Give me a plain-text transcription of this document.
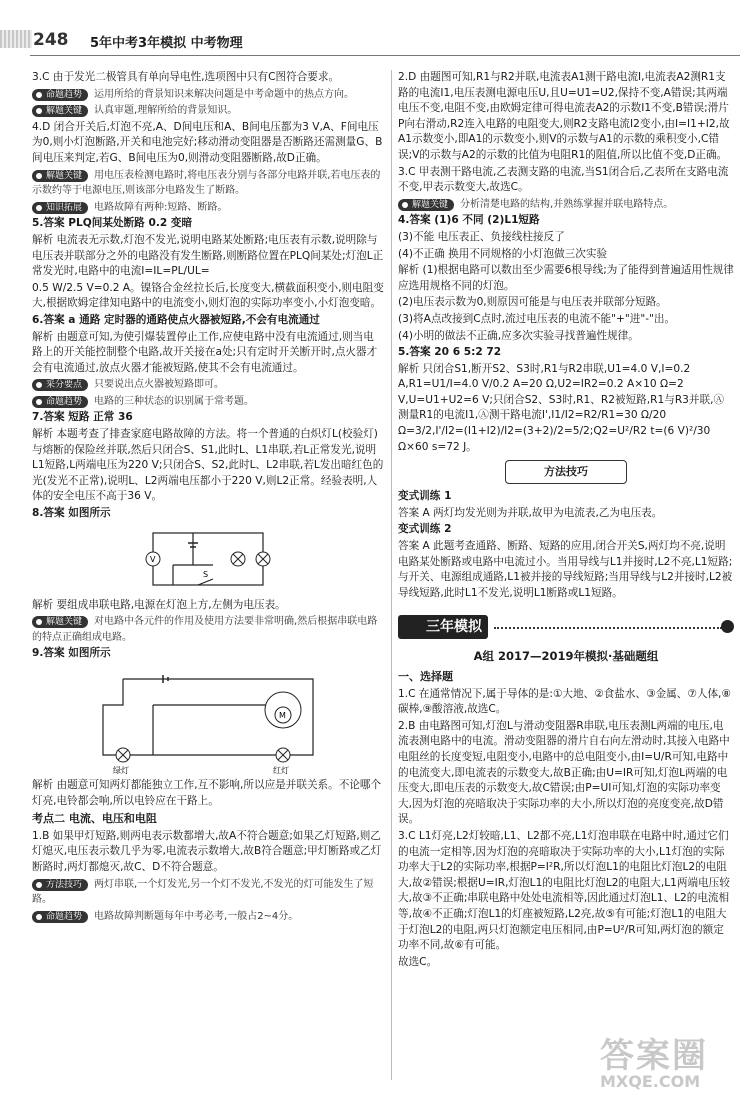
248 5年中考3年模拟 中考物理

3.C 由于发光二极管具有单向导电性,选项图中只有C图符合要求。

命题趋势 运用所给的背景知识来解决问题是中考命题中的热点方向。

解题关键 认真审题,理解所给的背景知识。

4.D 闭合开关后,灯泡不亮,A、D间电压和A、B间电压都为3 V,A、F间电压为0,则小灯泡断路,开关和电池完好;移动滑动变阻器是否断路还需测量G、B间电压来判定,若G、B间电压为0,则滑动变阻器断路,故D正确。

解题关键 用电压表检测电路时,将电压表分别与各部分电路并联,若电压表的示数约等于电源电压,则该部分电路发生了断路。

知识拓展 电路故障有两种:短路、断路。

5.答案 PLQ间某处断路 0.2 变暗

解析 电流表无示数,灯泡不发光,说明电路某处断路;电压表有示数,说明除与电压表并联部分之外的电路没有发生断路,则断路位置在PLQ间某处;灯泡L正常发光时,电路中的电流I=IL=PL/UL=

0.5 W/2.5 V=0.2 A。镍铬合金丝拉长后,长度变大,横截面积变小,则电阻变大,根据欧姆定律知电路中的电流变小,则灯泡的实际功率变小,小灯泡变暗。

6.答案 a 通路 定时器的通路使点火器被短路,不会有电流通过

解析 由题意可知,为使引爆装置停止工作,应使电路中没有电流通过,则当电路上的开关能控制整个电路,故开关接在a处;只有定时开关断开时,点火器才会有电流通过,放点火器才能被短路,使其不会有电流通过。

采分要点 只要说出点火器被短路即可。

命题趋势 电路的三种状态的识别属于常考题。

7.答案 短路 正常 36

解析 本题考查了排查家庭电路故障的方法。将一个普通的白炽灯L(校验灯)与熔断的保险丝并联,然后只闭合S、S1,此时L、L1串联,若L正常发光,说明L1短路,L两端电压为220 V;只闭合S、S2,此时L、L2串联,若L发出暗红色的光(发光不正常),说明L、L2两端电压都小于220 V,则L2正常。经验表明,人体的安全电压不高于36 V。

8.答案 如图所示

V
S

解析 要组成串联电路,电源在灯泡上方,左侧为电压表。

解题关键 对电路中各元件的作用及使用方法要非常明确,然后根据串联电路的特点正确组成电路。

9.答案 如图所示

M
绿灯	红灯

解析 由题意可知两灯都能独立工作,互不影响,所以应是并联关系。不论哪个灯亮,电铃都会响,所以电铃应在干路上。

考点二 电流、电压和电阻

1.B 如果甲灯短路,则两电表示数都增大,故A不符合题意;如果乙灯短路,则乙灯熄灭,电压表示数几乎为零,电流表示数增大,故B符合题意;甲灯断路或乙灯断路时,两灯都熄灭,故C、D不符合题意。

方法技巧 两灯串联,一个灯发光,另一个灯不发光,不发光的灯可能发生了短路。

命题趋势 电路故障判断题每年中考必考,一般占2~4分。

2.D 由题图可知,R1与R2并联,电流表A1测干路电流I,电流表A2测R1支路的电流I1,电压表测电源电压U,且U=U1=U2,保持不变,A错误;其两端电压不变,电阻不变,由欧姆定律可得电流表A2的示数I1不变,B错误;滑片P向右滑动,R2连入电路的电阻变大,则R2支路电流I2变小,由I=I1+I2,故A1示数变小,即A1的示数变小,则V的示数与A1的示数的乘积变小,C错误;V的示数与A2的示数的比值为电阻R1的阻值,所以比值不变,D正确。

3.C 甲表测干路电流,乙表测支路的电流,当S1闭合后,乙表所在支路电流不变,甲表示数变大,故选C。

解题关键 分析清楚电路的结构,并熟练掌握并联电路特点。

4.答案 (1)6 不同 (2)L1短路

(3)不能 电压表正、负接线柱接反了

(4)不正确 换用不同规格的小灯泡做三次实验

解析 (1)根据电路可以数出至少需要6根导线;为了能得到普遍适用性规律应选用规格不同的灯泡。

(2)电压表示数为0,则原因可能是与电压表并联部分短路。

(3)将A点改接到C点时,流过电压表的电流不能"+"进"-"出。

(4)小明的做法不正确,应多次实验寻找普遍性规律。

5.答案 20 6 5:2 72

解析 只闭合S1,断开S2、S3时,R1与R2串联,U1=4.0 V,I=0.2 A,R1=U1/I=4.0 V/0.2 A=20 Ω,U2=IR2=0.2 A×10 Ω=2 V,U=U1+U2=6 V;只闭合S2、S3时,R1、R2被短路,R1与R3并联,Ⓐ测量R1的电流I1,Ⓐ测干路电流I',I1/I2=R2/R1=30 Ω/20 Ω=3/2,I'/I2=(I1+I2)/I2=(3+2)/2=5/2;Q2=U²/R2 t=(6 V)²/30 Ω×60 s=72 J。

方法技巧

变式训练 1

答案 A 两灯均发光则为并联,故甲为电流表,乙为电压表。

变式训练 2

答案 A 此题考查通路、断路、短路的应用,闭合开关S,两灯均不亮,说明电路某处断路或电路中电流过小。当用导线与L1并接时,L2不亮,L1短路;与开关、电源组成通路,L1被并接的导线短路;当用导线与L2并接时,L2被导线短路,此时L1不发光,说明L1断路或L1短路。

三年模拟

A组 2017—2019年模拟·基础题组

一、选择题

1.C 在通常情况下,属于导体的是:①大地、②食盐水、③金属、⑦人体,⑧碳棒,⑨酸溶液,故选C。

2.B 由电路图可知,灯泡L与滑动变阻器R串联,电压表测L两端的电压,电流表测电路中的电流。滑动变阻器的滑片自右向左滑动时,其接入电路中电阻丝的长度变短,电阻变小,电路中的总电阻变小,由I=U/R可知,电路中的电流变大,即电流表的示数变大,故B正确;由U=IR可知,灯泡L两端的电压变大,即电压表的示数变大,故C错误;由P=UI可知,灯泡的实际功率变大,因为灯泡的亮暗取决于实际功率的大小,所以灯泡的亮度变亮,故D错误。

3.C L1灯亮,L2灯较暗,L1、L2都不亮,L1灯泡串联在电路中时,通过它们的电流一定相等,因为灯泡的亮暗取决于实际功率的大小,L1灯泡的实际功率大于L2的实际功率,根据P=I²R,所以灯泡L1的电阻比灯泡L2的电阻大,故②错误;根据U=IR,灯泡L1的电阻比灯泡L2的电阻大,L1两端电压较大,故③不正确;串联电路中处处电流相等,因此通过灯泡L1、L2的电流相等,故④不正确;灯泡L1的灯座被短路,L2亮,故⑤有可能;灯泡L1的电阻大于灯泡L2的电阻,两只灯泡额定电压相同,由P=U²/R可知,两灯泡的额定功率不同,故⑥有可能。

故选C。

答案圈
MXQE.COM
